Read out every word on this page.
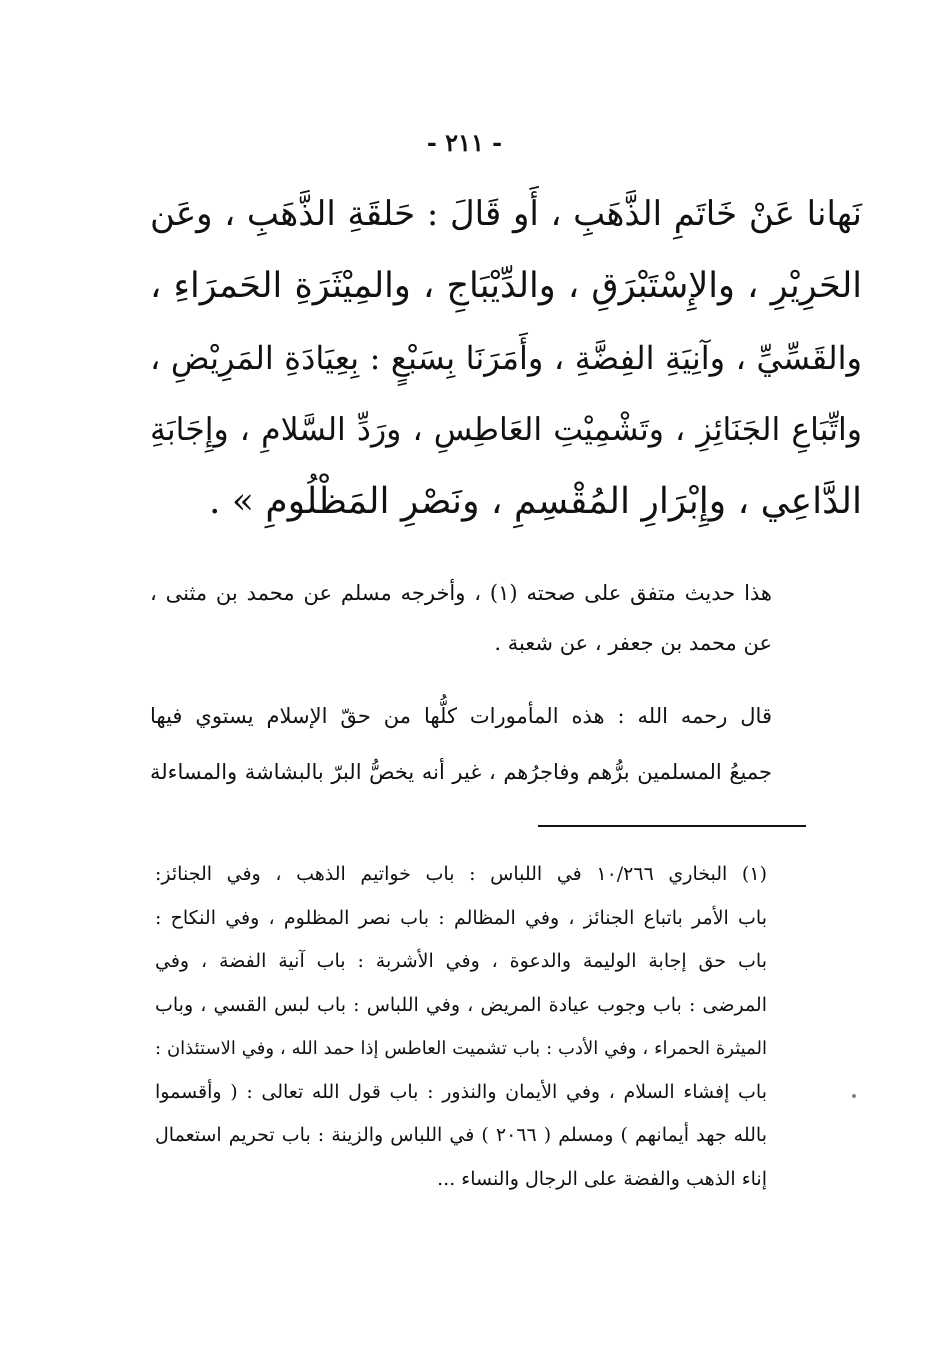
- ٢١١ -
نَهانا عَنْ خَاتَمِ الذَّهَبِ ، أَو قَالَ : حَلقَةِ الذَّهَبِ ، وعَن
الحَرِيْرِ ، والإِسْتَبْرَقِ ، والدِّيْبَاجِ ، والمِيْثَرَةِ الحَمرَاءِ ،
والقَسِّيِّ ، وآنِيَةِ الفِضَّةِ ، وأَمَرَنَا بِسَبْعٍ : بِعِيَادَةِ المَرِيْضِ ،
واتِّبَاعِ الجَنَائِزِ ، وتَشْمِيْتِ العَاطِسِ ، ورَدِّ السَّلامِ ، وإِجَابَةِ
الدَّاعِي ، وإِبْرَارِ المُقْسِمِ ، ونَصْرِ المَظْلُومِ » .
هذا حديث متفق على صحته (١) ، وأخرجه مسلم عن محمد بن مثنى ،
عن محمد بن جعفر ، عن شعبة .
قال رحمه الله : هذه المأمورات كلُّها من حقّ الإسلام يستوي فيها
جميعُ المسلمين برُّهم وفاجرُهم ، غير أنه يخصُّ البرّ بالبشاشة والمساءلة
(١) البخاري ١٠/٢٦٦ في اللباس : باب خواتيم الذهب ، وفي الجنائز:
باب الأمر باتباع الجنائز ، وفي المظالم : باب نصر المظلوم ، وفي النكاح :
باب حق إجابة الوليمة والدعوة ، وفي الأشربة : باب آنية الفضة ، وفي
المرضى : باب وجوب عيادة المريض ، وفي اللباس : باب لبس القسي ، وباب
الميثرة الحمراء ، وفي الأدب : باب تشميت العاطس إذا حمد الله ، وفي الاستئذان :
باب إفشاء السلام ، وفي الأيمان والنذور : باب قول الله تعالى : ( وأقسموا
بالله جهد أيمانهم ) ومسلم ( ٢٠٦٦ ) في اللباس والزينة : باب تحريم استعمال
إناء الذهب والفضة على الرجال والنساء ...
